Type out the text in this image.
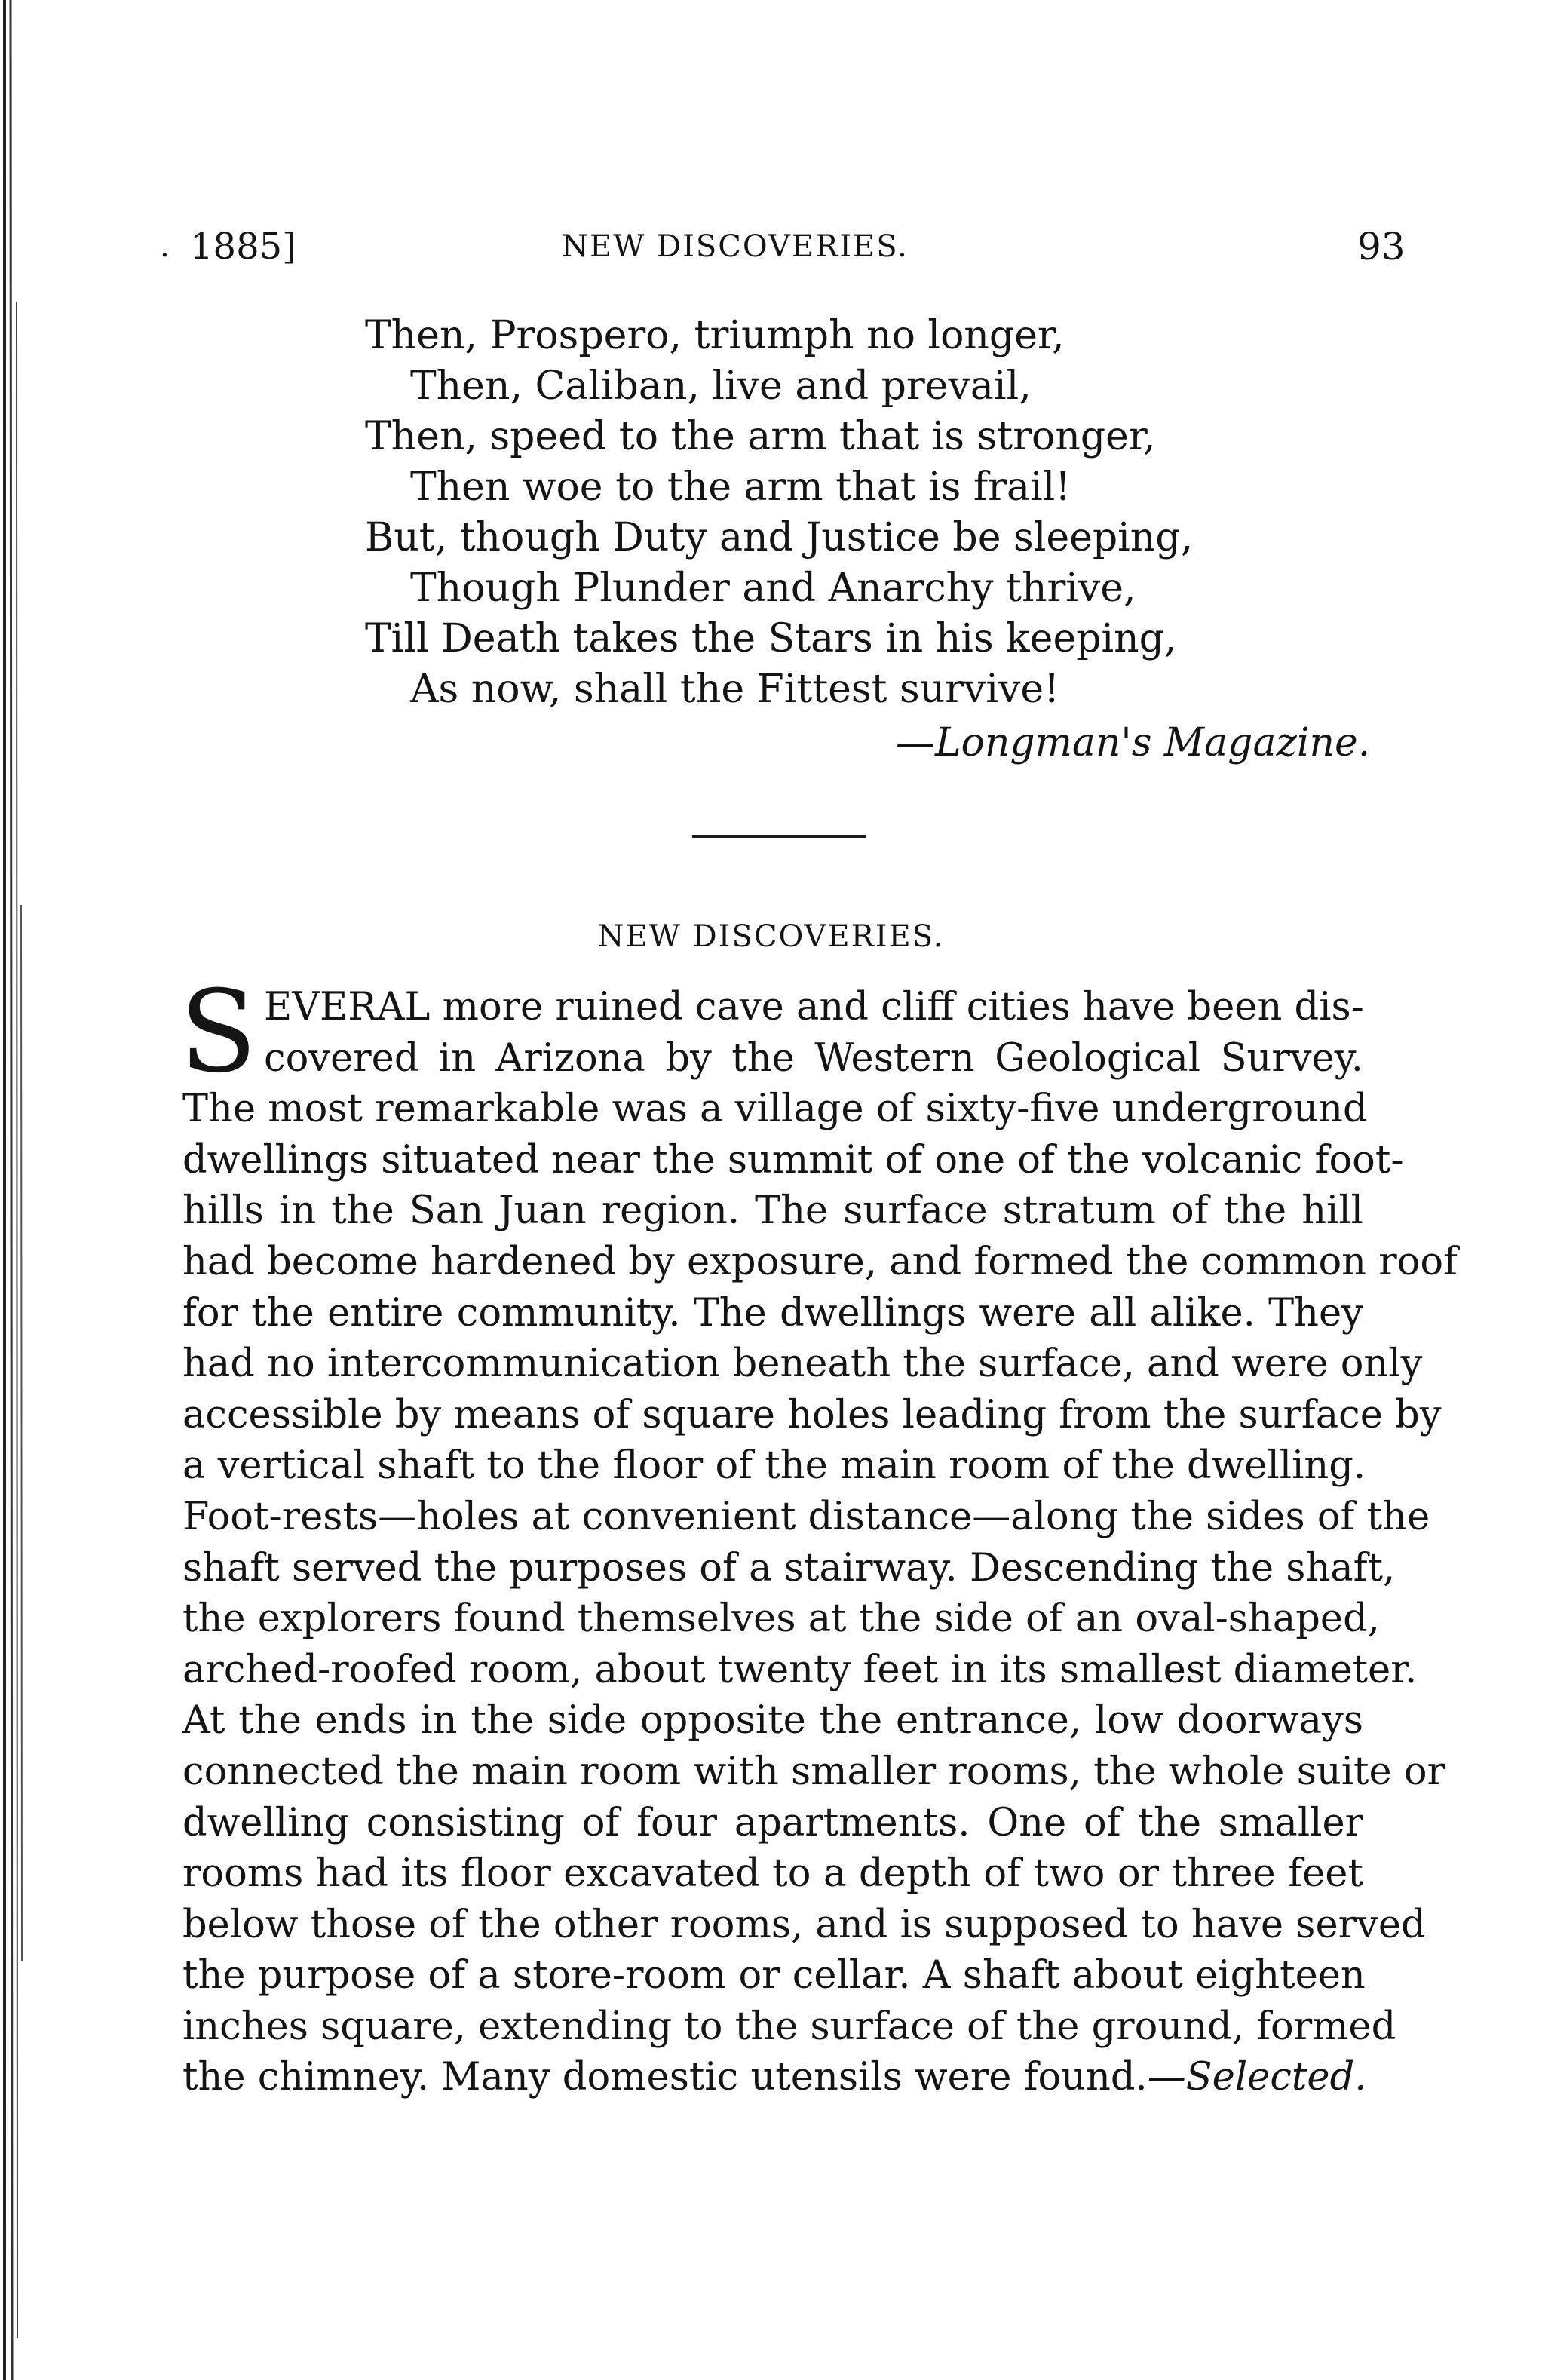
. 1885]	NEW DISCOVERIES.	93
Then, Prospero, triumph no longer,
Then, Caliban, live and prevail,
Then, speed to the arm that is stronger,
Then woe to the arm that is frail!
But, though Duty and Justice be sleeping,
Though Plunder and Anarchy thrive,
Till Death takes the Stars in his keeping,
As now, shall the Fittest survive!
—Longman's Magazine.
NEW DISCOVERIES.
S EVERAL more ruined cave and cliff cities have been dis-
covered in Arizona by the Western Geological Survey.
The most remarkable was a village of sixty-five underground
dwellings situated near the summit of one of the volcanic foot-
hills in the San Juan region. The surface stratum of the hill
had become hardened by exposure, and formed the common roof
for the entire community. The dwellings were all alike. They
had no intercommunication beneath the surface, and were only
accessible by means of square holes leading from the surface by
a vertical shaft to the floor of the main room of the dwelling.
Foot-rests—holes at convenient distance—along the sides of the
shaft served the purposes of a stairway. Descending the shaft,
the explorers found themselves at the side of an oval-shaped,
arched-roofed room, about twenty feet in its smallest diameter.
At the ends in the side opposite the entrance, low doorways
connected the main room with smaller rooms, the whole suite or
dwelling consisting of four apartments. One of the smaller
rooms had its floor excavated to a depth of two or three feet
below those of the other rooms, and is supposed to have served
the purpose of a store-room or cellar. A shaft about eighteen
inches square, extending to the surface of the ground, formed
the chimney. Many domestic utensils were found.—Selected.
